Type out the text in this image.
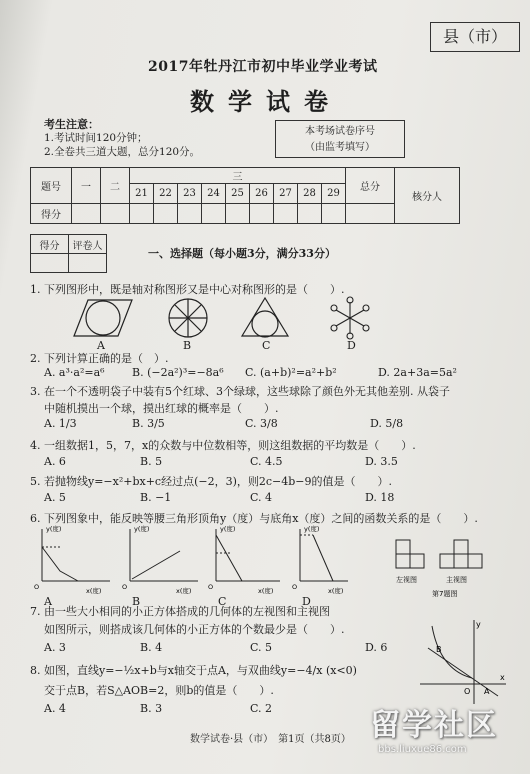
县（市）
2017年牡丹江市初中毕业学业考试
数学试卷
考生注意：
1.考试时间120分钟；
2.全卷共三道大题，总分120分。
本考场试卷序号
（由监考填写）
题号	一	二	三									总分	核分人
			21	22	23	24	25	26	27	28	29		
得分													
得分	评卷人

一、选择题（每小题3分，满分33分）
1. 下列图形中，既是轴对称图形又是中心对称图形的是（　　）.
A	B	C	D
2. 下列计算正确的是（　）.
A. a³·a²=a⁶ B. (−2a²)³=−8a⁶ C. (a+b)²=a²+b²	D. 2a+3a=5a²
3. 在一个不透明袋子中装有5个红球、3个绿球，这些球除了颜色外无其他差别. 从袋子
中随机摸出一个球，摸出红球的概率是（　　）.
A. 1/3	B. 3/5	C. 3/8	D. 5/8
4. 一组数据1，5，7，x的众数与中位数相等，则这组数据的平均数是（　　）.
A. 6	B. 5	C. 4.5	D. 3.5
5. 若抛物线y=−x²+bx+c经过点(−2，3)，则2c−4b−9的值是（　　）.
A. 5	B. −1	C. 4	D. 18
6. 下列图象中，能反映等腰三角形顶角y（度）与底角x（度）之间的函数关系的是（　　）.
y(度)
x(度)
O
y(度)
x(度)
O
y(度)
x(度)
O
y(度)
x(度)
O
A	B	C	D
左视图	主视图
第7题图
7. 由一些大小相同的小正方体搭成的几何体的左视图和主视图
如图所示，则搭成该几何体的小正方体的个数最少是（　　）.
A. 3	B. 4	C. 5	D. 6
y
B
O A
x
8. 如图，直线y=−½x+b与x轴交于点A，与双曲线y=−4/x (x<0)
交于点B，若S△AOB=2，则b的值是（　　）.
A. 4	B. 3	C. 2
数学试卷·县（市）　第1页（共8页） 留学社区
bbs.liuxue86.com
